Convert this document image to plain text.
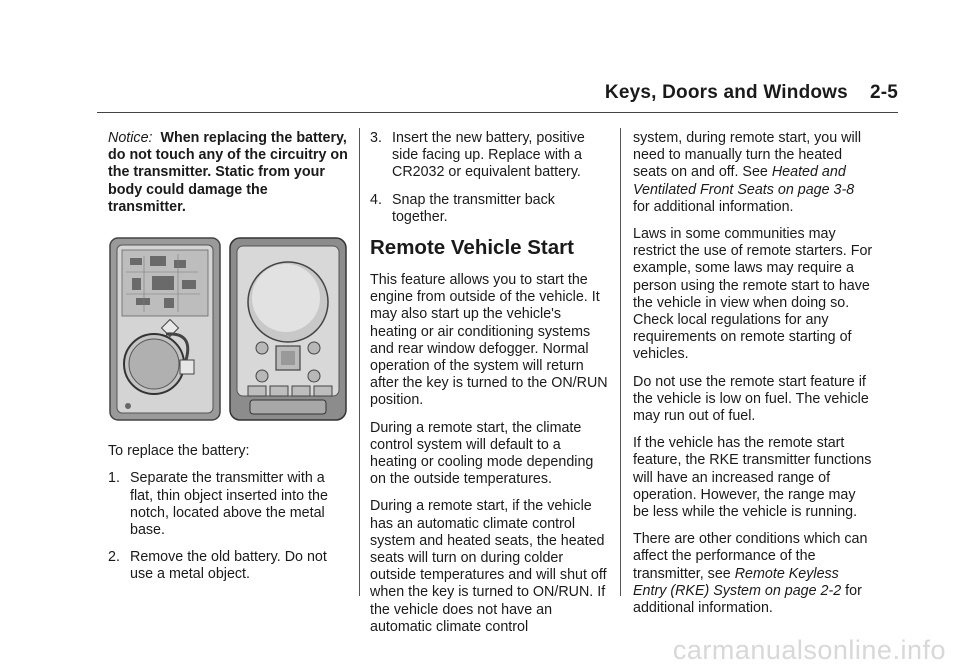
Keys, Doors and Windows 2-5

Notice: When replacing the battery, do not touch any of the circuitry on the transmitter. Static from your body could damage the transmitter.

To replace the battery:

1. Separate the transmitter with a flat, thin object inserted into the notch, located above the metal base.
2. Remove the old battery. Do not use a metal object.
3. Insert the new battery, positive side facing up. Replace with a CR2032 or equivalent battery.
4. Snap the transmitter back together.
Remote Vehicle Start

This feature allows you to start the engine from outside of the vehicle. It may also start up the vehicle's heating or air conditioning systems and rear window defogger. Normal operation of the system will return after the key is turned to the ON/RUN position.

During a remote start, the climate control system will default to a heating or cooling mode depending on the outside temperatures.

During a remote start, if the vehicle has an automatic climate control system and heated seats, the heated seats will turn on during colder outside temperatures and will shut off when the key is turned to ON/RUN. If the vehicle does not have an automatic climate control

system, during remote start, you will need to manually turn the heated seats on and off. See Heated and Ventilated Front Seats on page 3-8 for additional information.

Laws in some communities may restrict the use of remote starters. For example, some laws may require a person using the remote start to have the vehicle in view when doing so. Check local regulations for any requirements on remote starting of vehicles.

Do not use the remote start feature if the vehicle is low on fuel. The vehicle may run out of fuel.

If the vehicle has the remote start feature, the RKE transmitter functions will have an increased range of operation. However, the range may be less while the vehicle is running.

There are other conditions which can affect the performance of the transmitter, see Remote Keyless Entry (RKE) System on page 2-2 for additional information.

carmanualsonline.info
